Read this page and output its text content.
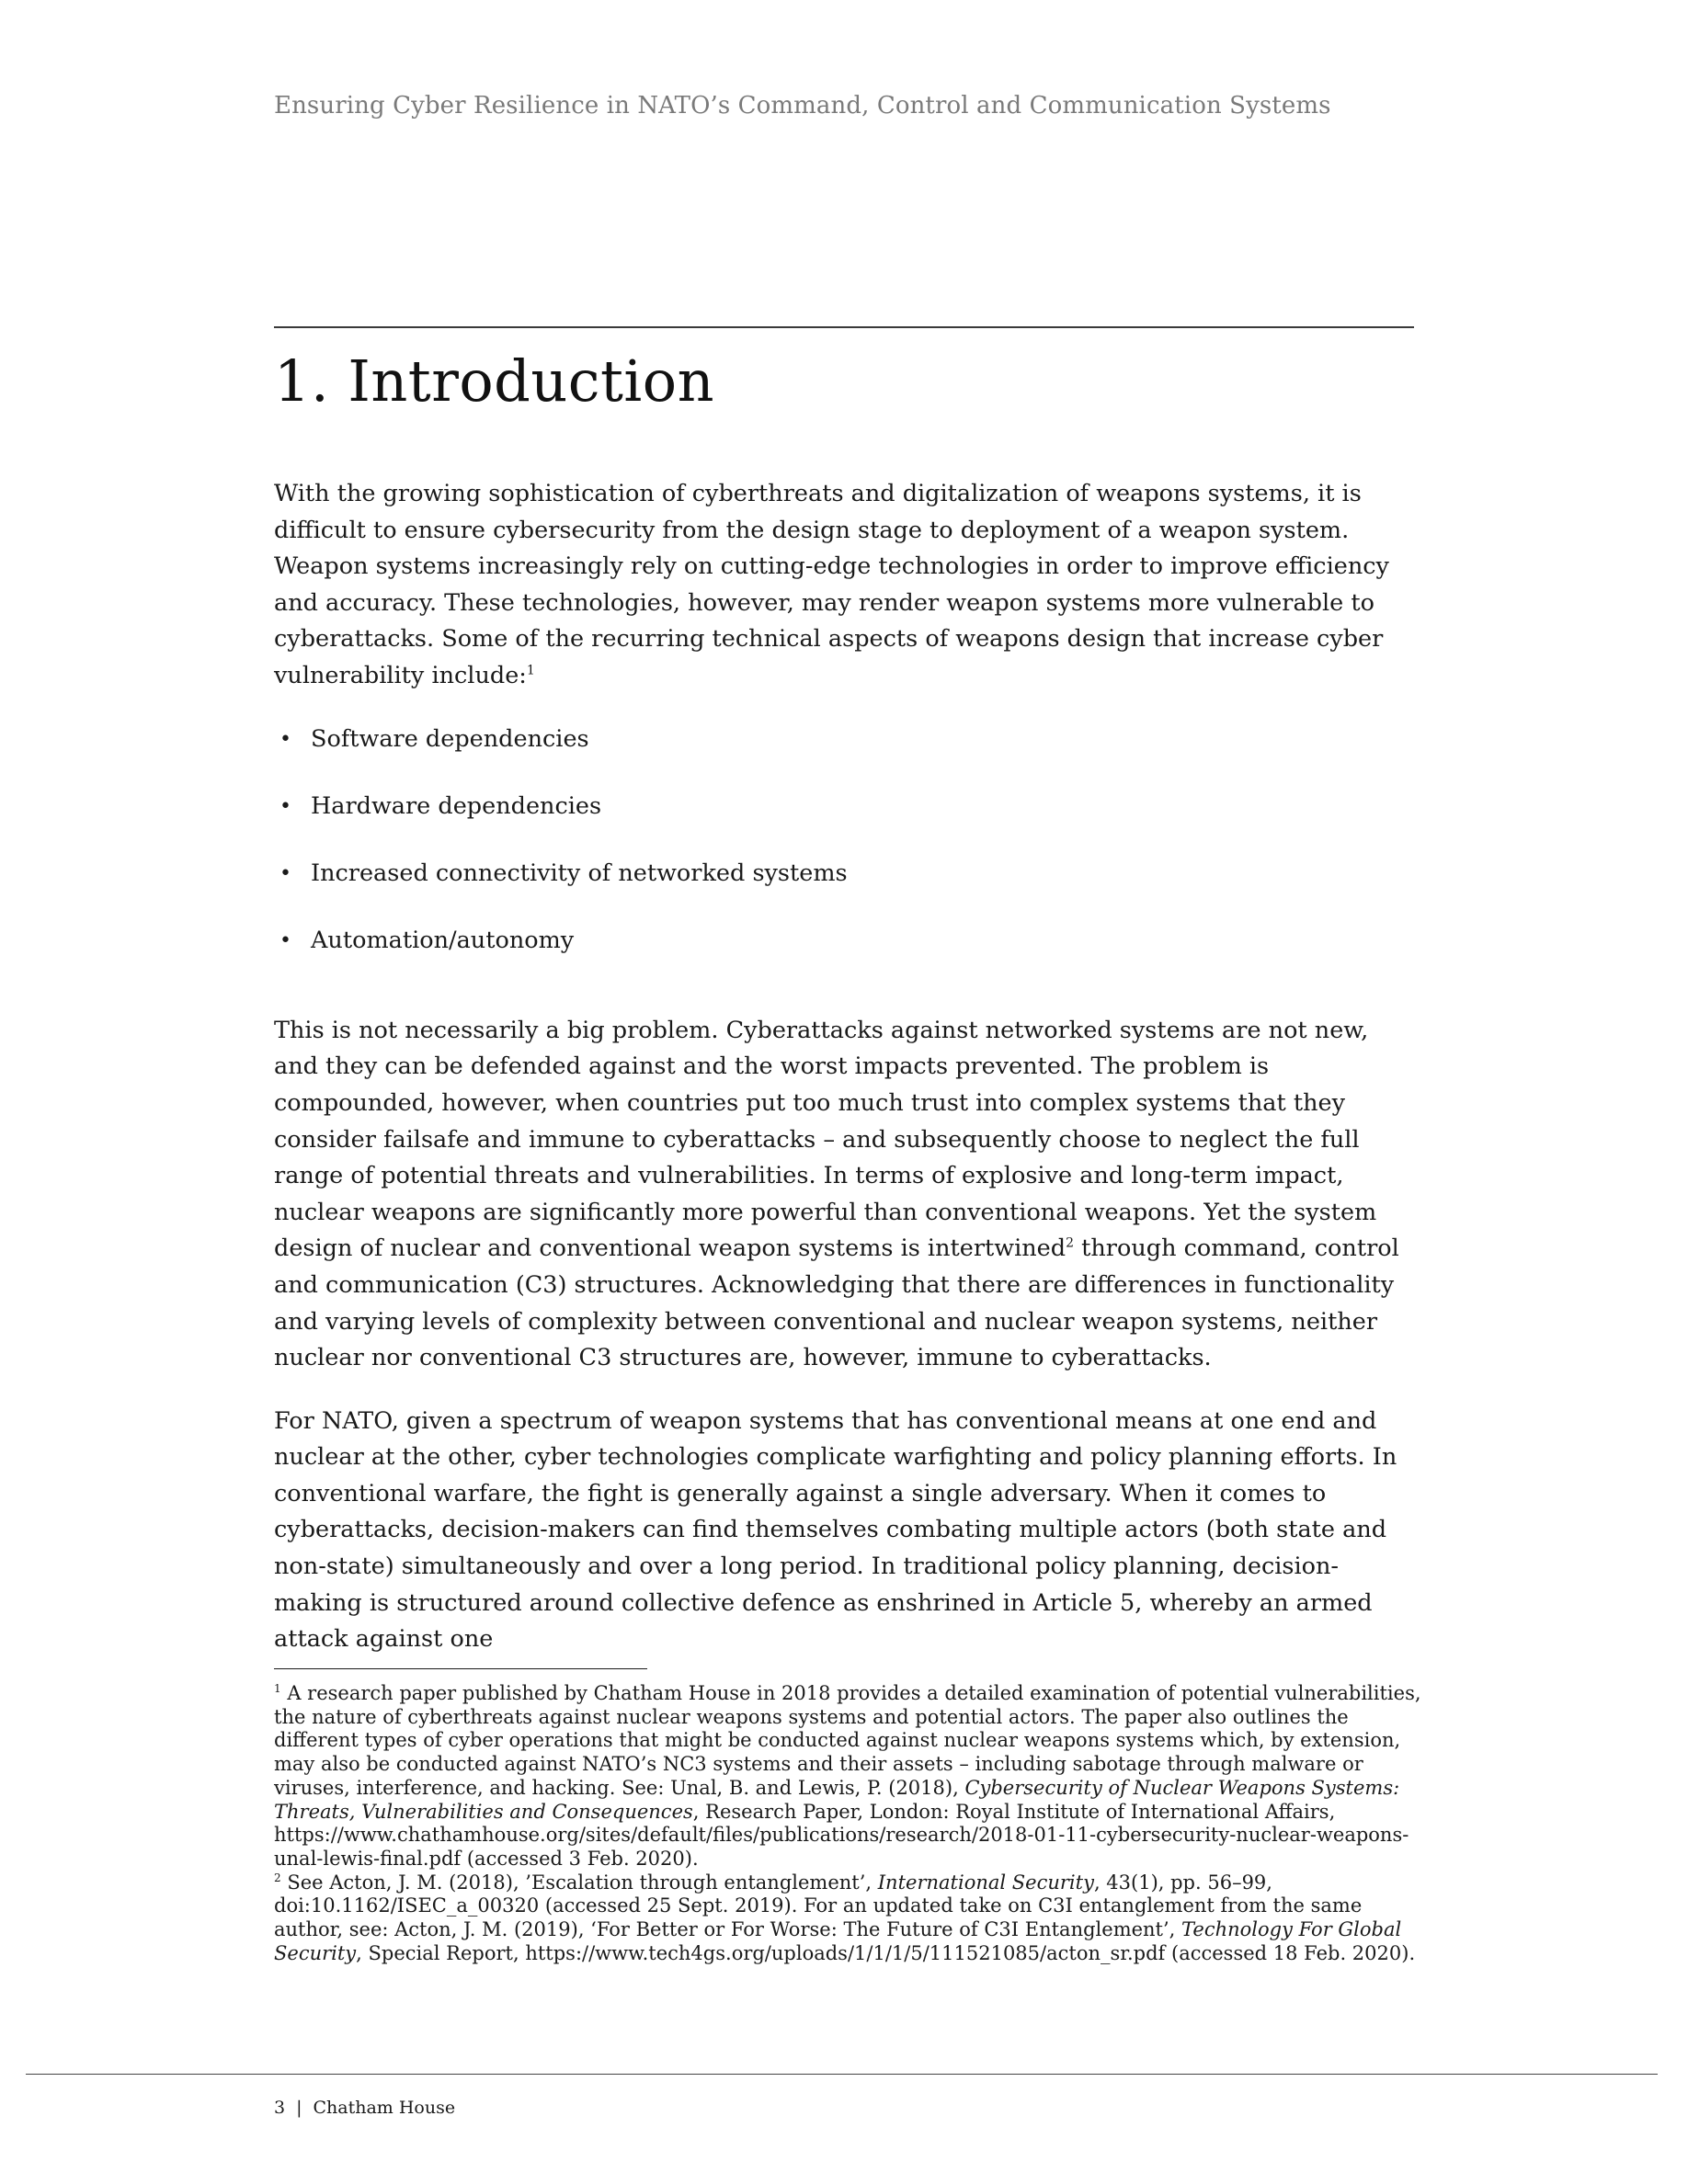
Ensuring Cyber Resilience in NATO’s Command, Control and Communication Systems
1. Introduction

With the growing sophistication of cyberthreats and digitalization of weapons systems, it is difficult to ensure cybersecurity from the design stage to deployment of a weapon system. Weapon systems increasingly rely on cutting-edge technologies in order to improve efficiency and accuracy. These technologies, however, may render weapon systems more vulnerable to cyberattacks. Some of the recurring technical aspects of weapons design that increase cyber vulnerability include:$^1$

• Software dependencies
• Hardware dependencies
• Increased connectivity of networked systems
• Automation/autonomy

This is not necessarily a big problem. Cyberattacks against networked systems are not new, and they can be defended against and the worst impacts prevented. The problem is compounded, however, when countries put too much trust into complex systems that they consider failsafe and immune to cyberattacks – and subsequently choose to neglect the full range of potential threats and vulnerabilities. In terms of explosive and long-term impact, nuclear weapons are significantly more powerful than conventional weapons. Yet the system design of nuclear and conventional weapon systems is intertwined$^2$ through command, control and communication (C3) structures. Acknowledging that there are differences in functionality and varying levels of complexity between conventional and nuclear weapon systems, neither nuclear nor conventional C3 structures are, however, immune to cyberattacks.

For NATO, given a spectrum of weapon systems that has conventional means at one end and nuclear at the other, cyber technologies complicate warfighting and policy planning efforts. In conventional warfare, the fight is generally against a single adversary. When it comes to cyberattacks, decision-makers can find themselves combating multiple actors (both state and non-state) simultaneously and over a long period. In traditional policy planning, decision-making is structured around collective defence as enshrined in Article 5, whereby an armed attack against one

$^1$ A research paper published by Chatham House in 2018 provides a detailed examination of potential vulnerabilities, the nature of cyberthreats against nuclear weapons systems and potential actors. The paper also outlines the different types of cyber operations that might be conducted against nuclear weapons systems which, by extension, may also be conducted against NATO’s NC3 systems and their assets – including sabotage through malware or viruses, interference, and hacking. See: Unal, B. and Lewis, P. (2018), Cybersecurity of Nuclear Weapons Systems: Threats, Vulnerabilities and Consequences, Research Paper, London: Royal Institute of International Affairs, https://www.chathamhouse.org/sites/default/files/publications/research/2018-01-11-cybersecurity-nuclear-weapons-unal-lewis-final.pdf (accessed 3 Feb. 2020).

$^2$ See Acton, J. M. (2018), ’Escalation through entanglement’, International Security, 43(1), pp. 56–99, doi:10.1162/ISEC_a_00320 (accessed 25 Sept. 2019). For an updated take on C3I entanglement from the same author, see: Acton, J. M. (2019), ‘For Better or For Worse: The Future of C3I Entanglement’, Technology For Global Security, Special Report, https://www.tech4gs.org/uploads/1/1/1/5/111521085/acton_sr.pdf (accessed 18 Feb. 2020).

3 | Chatham House
